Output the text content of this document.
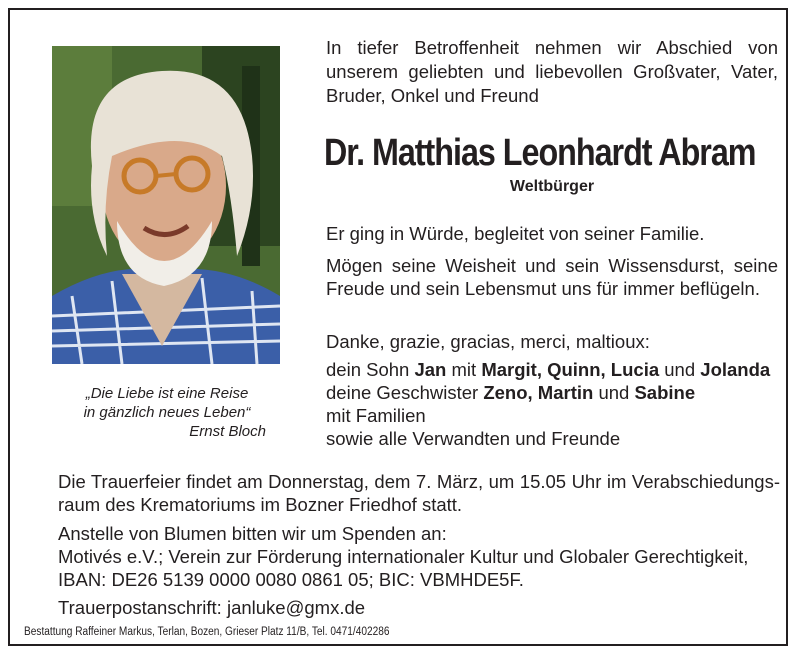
„Die Liebe ist eine Reise
in gänzlich neues Leben“
Ernst Bloch
In tiefer Betroffenheit nehmen wir Abschied von unserem geliebten und liebevollen Großvater, Vater, Bruder, Onkel und Freund
Dr. Matthias Leonhardt Abram
Weltbürger
Er ging in Würde, begleitet von seiner Familie.
Mögen seine Weisheit und sein Wissensdurst, seine Freude und sein Lebensmut uns für immer beflügeln.
Danke, grazie, gracias, merci, maltioux:
dein Sohn Jan mit Margit, Quinn, Lucia und Jolanda
deine Geschwister Zeno, Martin und Sabine
mit Familien
sowie alle Verwandten und Freunde
Die Trauerfeier findet am Donnerstag, dem 7. März, um 15.05 Uhr im Verabschiedungs-raum des Krematoriums im Bozner Friedhof statt.
Anstelle von Blumen bitten wir um Spenden an:
Motivés e.V.; Verein zur Förderung internationaler Kultur und Globaler Gerechtigkeit,
IBAN: DE26 5139 0000 0080 0861 05; BIC: VBMHDE5F.
Trauerpostanschrift: janluke@gmx.de
Bestattung Raffeiner Markus, Terlan, Bozen, Grieser Platz 11/B, Tel. 0471/402286
